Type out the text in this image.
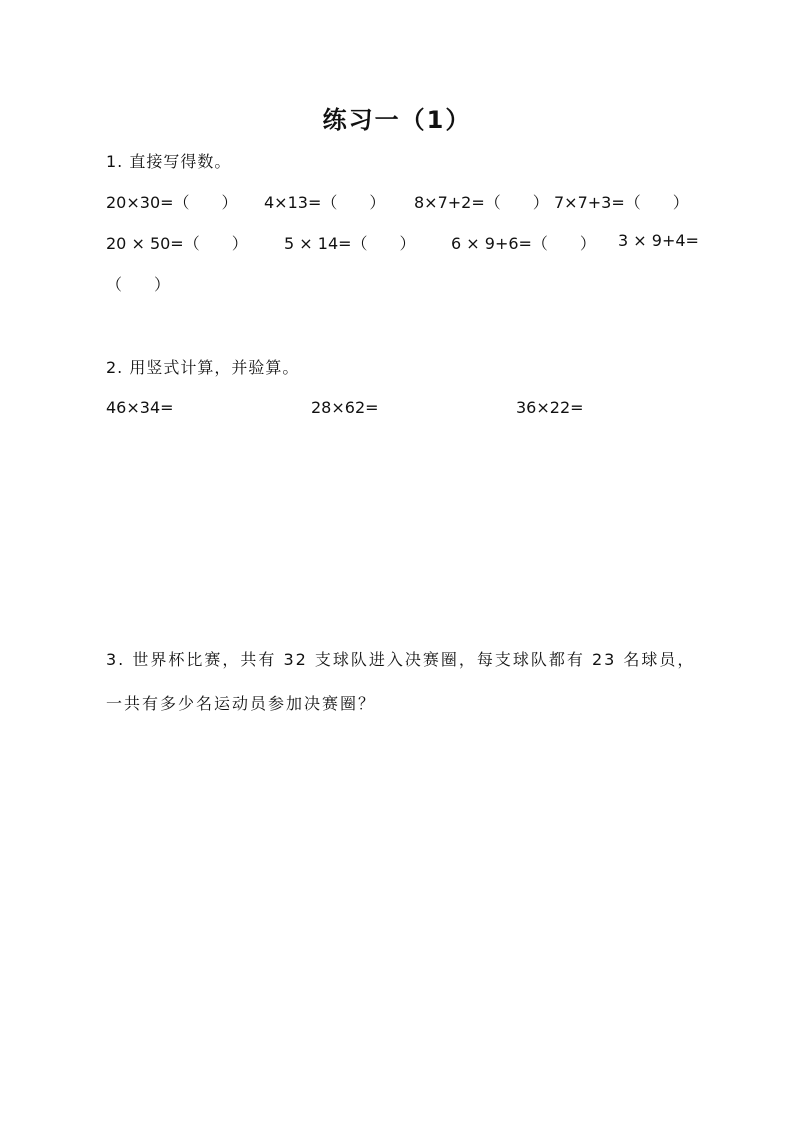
练习一（1）
1. 直接写得数。
20×30=（　　） 4×13=（　　） 8×7+2=（　　） 7×7+3=（　　）
20 × 50=（　　） 5 × 14=（　　） 6 × 9+6=（　　） 3 × 9+4=
（　　）
2. 用竖式计算，并验算。
46×34=	28×62=	36×22=
3. 世界杯比赛，共有 32 支球队进入决赛圈，每支球队都有 23 名球员，
一共有多少名运动员参加决赛圈？
